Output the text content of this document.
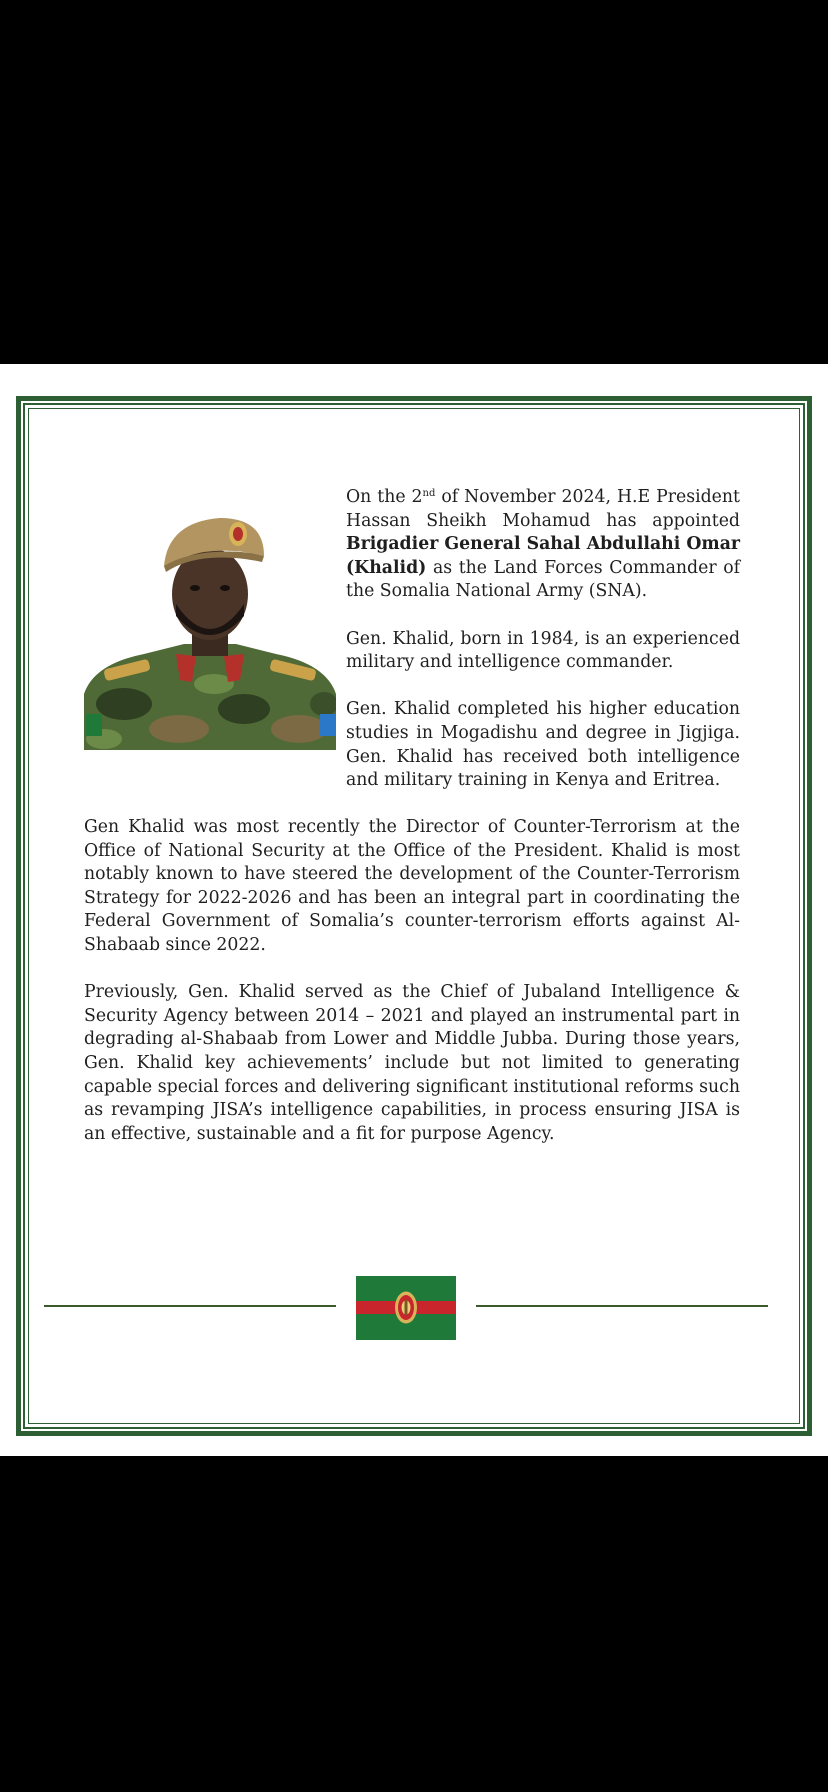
On the 2nd of November 2024, H.E President Hassan Sheikh Mohamud has appointed Brigadier General Sahal Abdullahi Omar (Khalid) as the Land Forces Commander of the Somalia National Army (SNA).

Gen. Khalid, born in 1984, is an experienced military and intelligence commander.

Gen. Khalid completed his higher education studies in Mogadishu and degree in Jigjiga. Gen. Khalid has received both intelligence and military training in Kenya and Eritrea.

Gen Khalid was most recently the Director of Counter-Terrorism at the Office of National Security at the Office of the President. Khalid is most notably known to have steered the development of the Counter-Terrorism Strategy for 2022-2026 and has been an integral part in coordinating the Federal Government of Somalia’s counter-terrorism efforts against Al-Shabaab since 2022.

Previously, Gen. Khalid served as the Chief of Jubaland Intelligence & Security Agency between 2014 – 2021 and played an instrumental part in degrading al-Shabaab from Lower and Middle Jubba. During those years, Gen. Khalid key achievements’ include but not limited to generating capable special forces and delivering significant institutional reforms such as revamping JISA’s intelligence capabilities, in process ensuring JISA is an effective, sustainable and a fit for purpose Agency.
